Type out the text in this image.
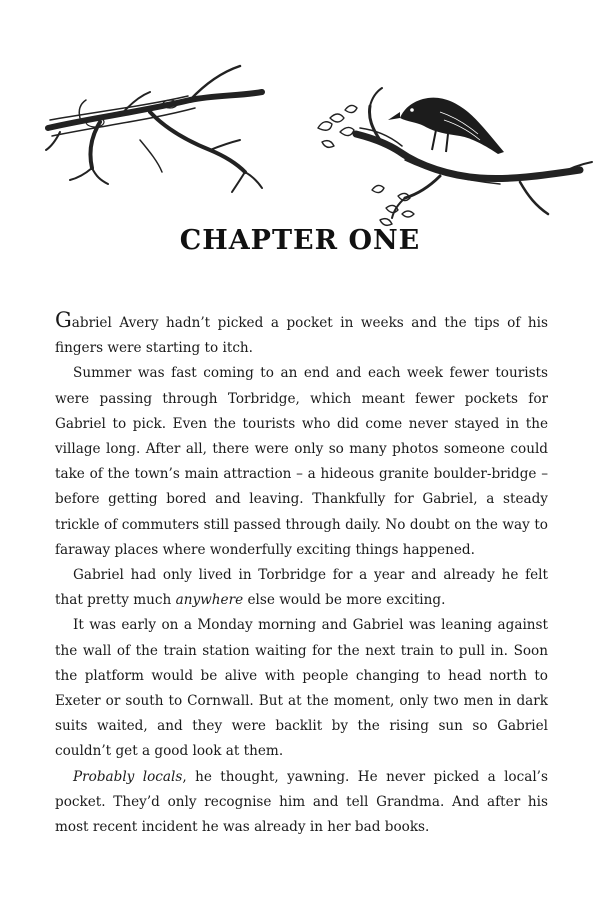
CHAPTER ONE

Gabriel Avery hadn’t picked a pocket in weeks and the tips of his fingers were starting to itch.

Summer was fast coming to an end and each week fewer tourists were passing through Torbridge, which meant fewer pockets for Gabriel to pick. Even the tourists who did come never stayed in the village long. After all, there were only so many photos someone could take of the town’s main attraction – a hideous granite boulder-bridge – before getting bored and leaving. Thankfully for Gabriel, a steady trickle of commuters still passed through daily. No doubt on the way to faraway places where wonderfully exciting things happened.

Gabriel had only lived in Torbridge for a year and already he felt that pretty much anywhere else would be more exciting.

It was early on a Monday morning and Gabriel was leaning against the wall of the train station waiting for the next train to pull in. Soon the platform would be alive with people changing to head north to Exeter or south to Cornwall. But at the moment, only two men in dark suits waited, and they were backlit by the rising sun so Gabriel couldn’t get a good look at them.

Probably locals, he thought, yawning. He never picked a local’s pocket. They’d only recognise him and tell Grandma. And after his most recent incident he was already in her bad books.
